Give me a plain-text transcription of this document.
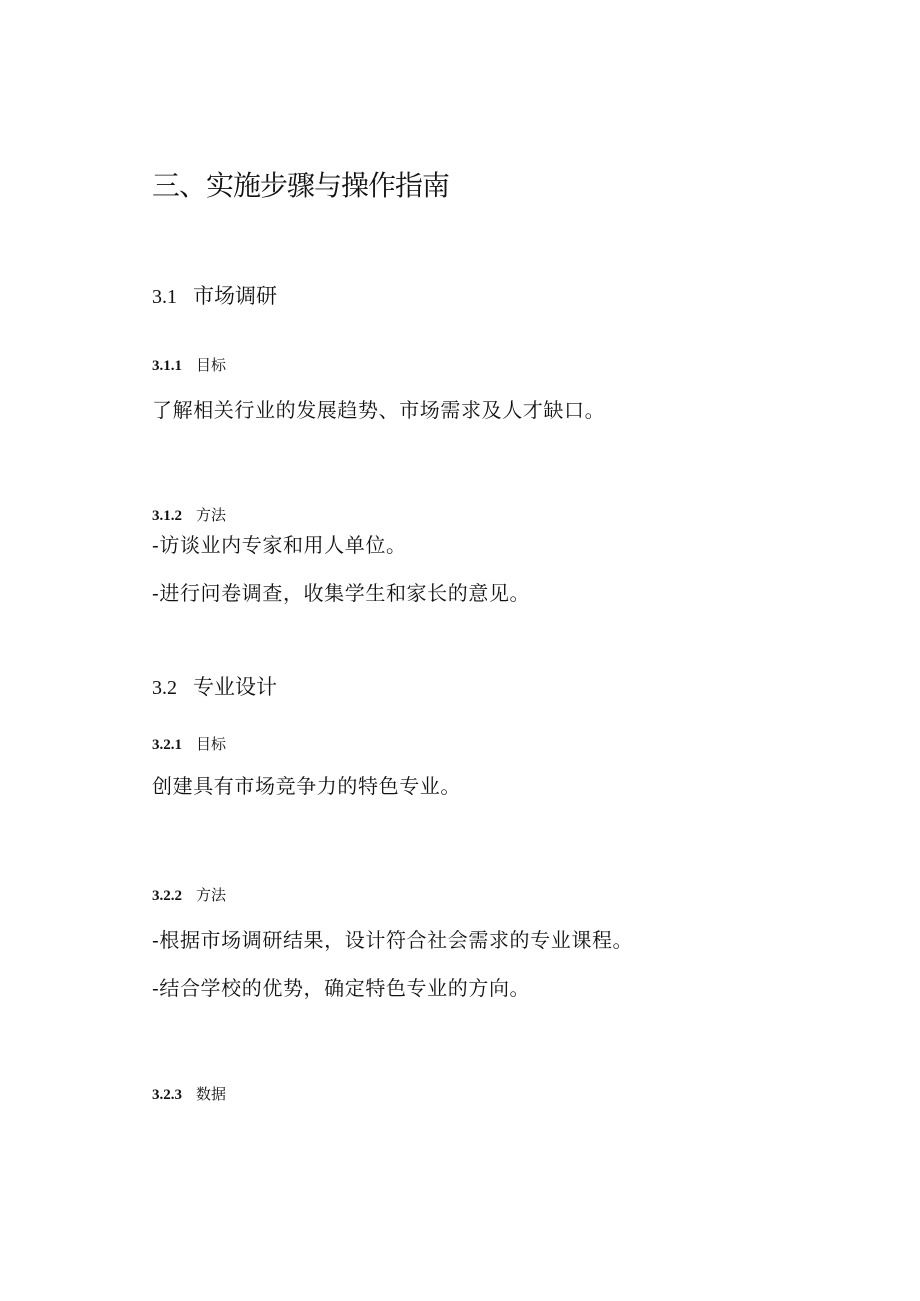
三、实施步骤与操作指南
3.1 市场调研
3.1.1 目标

了解相关行业的发展趋势、市场需求及人才缺口。

3.1.2 方法

-访谈业内专家和用人单位。

-进行问卷调查，收集学生和家长的意见。

3.2 专业设计
3.2.1 目标

创建具有市场竞争力的特色专业。

3.2.2 方法

-根据市场调研结果，设计符合社会需求的专业课程。

-结合学校的优势，确定特色专业的方向。

3.2.3 数据
